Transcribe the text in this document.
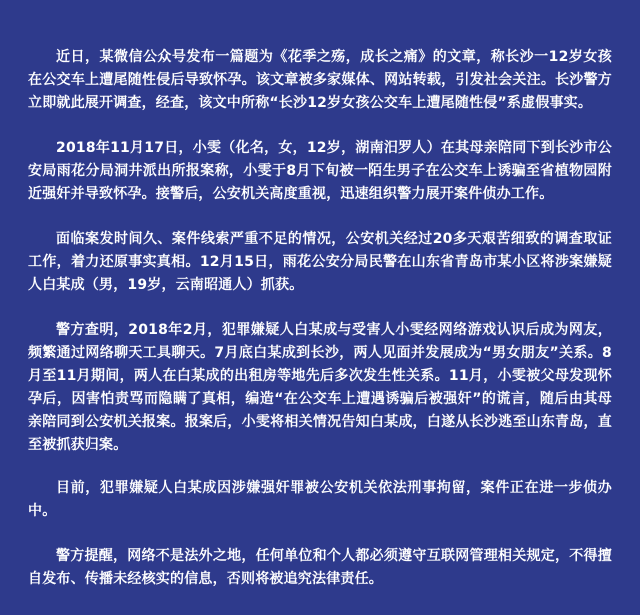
近日，某微信公众号发布一篇题为《花季之殇，成长之痛》的文章，称长沙一12岁女孩在公交车上遭尾随性侵后导致怀孕。该文章被多家媒体、网站转载，引发社会关注。长沙警方立即就此展开调查，经查，该文中所称“长沙12岁女孩公交车上遭尾随性侵”系虚假事实。

2018年11月17日，小雯（化名，女，12岁，湖南汨罗人）在其母亲陪同下到长沙市公安局雨花分局洞井派出所报案称，小雯于8月下旬被一陌生男子在公交车上诱骗至省植物园附近强奸并导致怀孕。接警后，公安机关高度重视，迅速组织警力展开案件侦办工作。

面临案发时间久、案件线索严重不足的情况，公安机关经过20多天艰苦细致的调查取证工作，着力还原事实真相。12月15日，雨花公安分局民警在山东省青岛市某小区将涉案嫌疑人白某成（男，19岁，云南昭通人）抓获。

警方查明，2018年2月，犯罪嫌疑人白某成与受害人小雯经网络游戏认识后成为网友，频繁通过网络聊天工具聊天。7月底白某成到长沙，两人见面并发展成为“男女朋友”关系。8月至11月期间，两人在白某成的出租房等地先后多次发生性关系。11月，小雯被父母发现怀孕后，因害怕责骂而隐瞒了真相，编造“在公交车上遭遇诱骗后被强奸”的谎言，随后由其母亲陪同到公安机关报案。报案后，小雯将相关情况告知白某成，白遂从长沙逃至山东青岛，直至被抓获归案。

目前，犯罪嫌疑人白某成因涉嫌强奸罪被公安机关依法刑事拘留，案件正在进一步侦办中。

警方提醒，网络不是法外之地，任何单位和个人都必须遵守互联网管理相关规定，不得擅自发布、传播未经核实的信息，否则将被追究法律责任。
